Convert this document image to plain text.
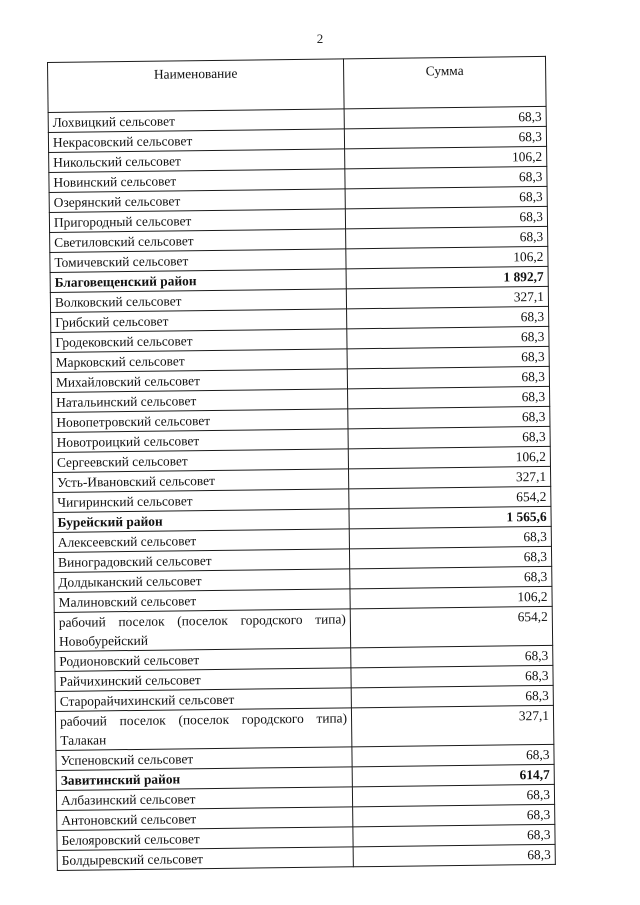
2
Наименование	Сумма
Лохвицкий сельсовет	68,3
Некрасовский сельсовет	68,3
Никольский сельсовет	106,2
Новинский сельсовет	68,3
Озерянский сельсовет	68,3
Пригородный сельсовет	68,3
Светиловский сельсовет	68,3
Томичевский сельсовет	106,2
Благовещенский район	1 892,7
Волковский сельсовет	327,1
Грибский сельсовет	68,3
Гродековский сельсовет	68,3
Марковский сельсовет	68,3
Михайловский сельсовет	68,3
Натальинский сельсовет	68,3
Новопетровский сельсовет	68,3
Новотроицкий сельсовет	68,3
Сергеевский сельсовет	106,2
Усть-Ивановский сельсовет	327,1
Чигиринский сельсовет	654,2
Бурейский район	1 565,6
Алексеевский сельсовет	68,3
Виноградовский сельсовет	68,3
Долдыканский сельсовет	68,3
Малиновский сельсовет	106,2
рабочий поселок (поселок городского типа) Новобурейский	654,2
Родионовский сельсовет	68,3
Райчихинский сельсовет	68,3
Старорайчихинский сельсовет	68,3
рабочий поселок (поселок городского типа) Талакан	327,1
Успеновский сельсовет	68,3
Завитинский район	614,7
Албазинский сельсовет	68,3
Антоновский сельсовет	68,3
Белояровский сельсовет	68,3
Болдыревский сельсовет	68,3
